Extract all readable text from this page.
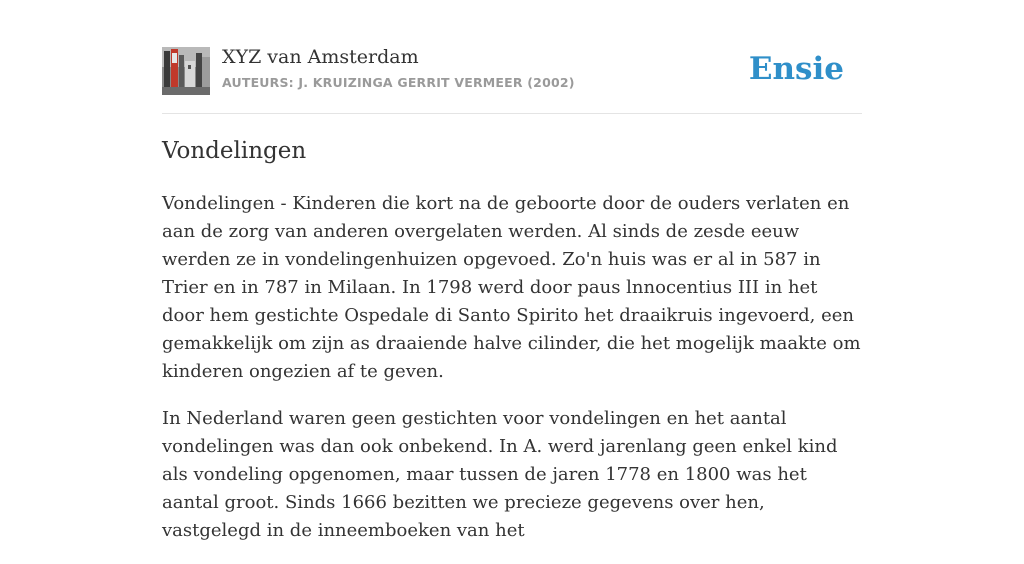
XYZ van Amsterdam
AUTEURS: J. KRUIZINGA GERRIT VERMEER (2002)	Ensie
Vondelingen

Vondelingen - Kinderen die kort na de geboorte door de ouders verlaten en aan de zorg van anderen overgelaten werden. Al sinds de zesde eeuw werden ze in vondelingenhuizen opgevoed. Zo'n huis was er al in 587 in Trier en in 787 in Milaan. In 1798 werd door paus lnnocentius III in het door hem gestichte Ospedale di Santo Spirito het draaikruis ingevoerd, een gemakkelijk om zijn as draaiende halve cilinder, die het mogelijk maakte om kinderen ongezien af te geven.

In Nederland waren geen gestichten voor vondelingen en het aantal vondelingen was dan ook onbekend. In A. werd jarenlang geen enkel kind als vondeling opgenomen, maar tussen de jaren 1778 en 1800 was het aantal groot. Sinds 1666 bezitten we precieze gegevens over hen, vastgelegd in de inneemboeken van het
